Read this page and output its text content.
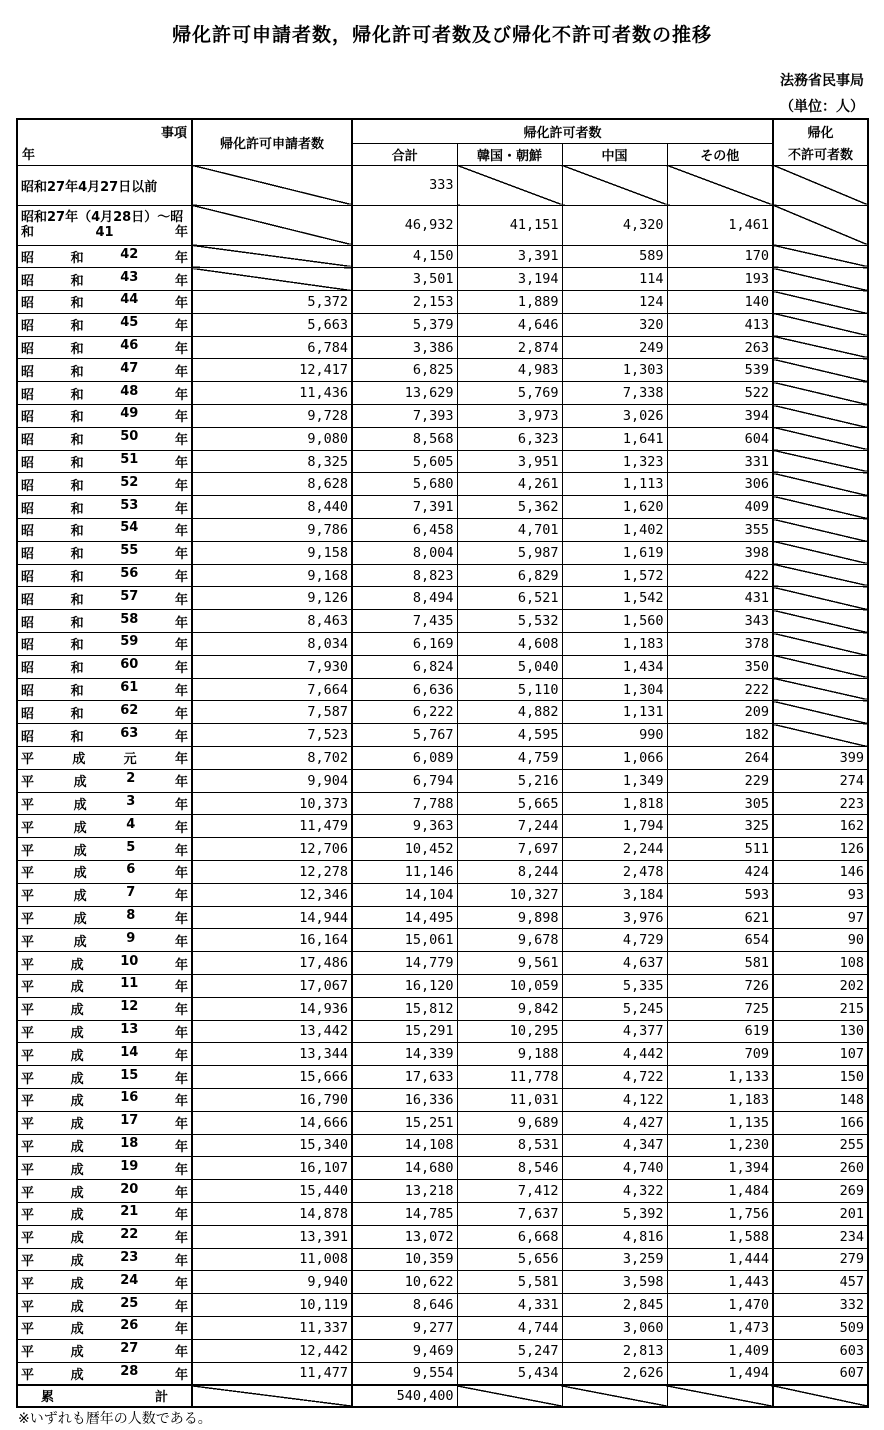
帰化許可申請者数，帰化許可者数及び帰化不許可者数の推移
法務省民事局
（単位：人）
事項
年	帰化許可申請者数	帰化許可者数				帰化
		合計	韓国・朝鮮	中国	その他	不許可者数
昭和27年4月27日以前		333				

昭和27年（4月28日）～昭
和 41 年		46,932	41,151	4,320	1,461	

昭 和 42 年		4,150	3,391	589	170	

昭 和 43 年		3,501	3,194	114	193	

昭 和 44 年	5,372	2,153	1,889	124	140	

昭 和 45 年	5,663	5,379	4,646	320	413	

昭 和 46 年	6,784	3,386	2,874	249	263	

昭 和 47 年	12,417	6,825	4,983	1,303	539	

昭 和 48 年	11,436	13,629	5,769	7,338	522	

昭 和 49 年	9,728	7,393	3,973	3,026	394	

昭 和 50 年	9,080	8,568	6,323	1,641	604	

昭 和 51 年	8,325	5,605	3,951	1,323	331	

昭 和 52 年	8,628	5,680	4,261	1,113	306	

昭 和 53 年	8,440	7,391	5,362	1,620	409	

昭 和 54 年	9,786	6,458	4,701	1,402	355	

昭 和 55 年	9,158	8,004	5,987	1,619	398	

昭 和 56 年	9,168	8,823	6,829	1,572	422	

昭 和 57 年	9,126	8,494	6,521	1,542	431	

昭 和 58 年	8,463	7,435	5,532	1,560	343	

昭 和 59 年	8,034	6,169	4,608	1,183	378	

昭 和 60 年	7,930	6,824	5,040	1,434	350	

昭 和 61 年	7,664	6,636	5,110	1,304	222	

昭 和 62 年	7,587	6,222	4,882	1,131	209	

昭 和 63 年	7,523	5,767	4,595	990	182	

平 成 元 年	8,702	6,089	4,759	1,066	264	399

平 成 2 年	9,904	6,794	5,216	1,349	229	274

平 成 3 年	10,373	7,788	5,665	1,818	305	223

平 成 4 年	11,479	9,363	7,244	1,794	325	162

平 成 5 年	12,706	10,452	7,697	2,244	511	126

平 成 6 年	12,278	11,146	8,244	2,478	424	146

平 成 7 年	12,346	14,104	10,327	3,184	593	93

平 成 8 年	14,944	14,495	9,898	3,976	621	97

平 成 9 年	16,164	15,061	9,678	4,729	654	90

平 成 10 年	17,486	14,779	9,561	4,637	581	108

平 成 11 年	17,067	16,120	10,059	5,335	726	202

平 成 12 年	14,936	15,812	9,842	5,245	725	215

平 成 13 年	13,442	15,291	10,295	4,377	619	130

平 成 14 年	13,344	14,339	9,188	4,442	709	107

平 成 15 年	15,666	17,633	11,778	4,722	1,133	150

平 成 16 年	16,790	16,336	11,031	4,122	1,183	148

平 成 17 年	14,666	15,251	9,689	4,427	1,135	166

平 成 18 年	15,340	14,108	8,531	4,347	1,230	255

平 成 19 年	16,107	14,680	8,546	4,740	1,394	260

平 成 20 年	15,440	13,218	7,412	4,322	1,484	269

平 成 21 年	14,878	14,785	7,637	5,392	1,756	201

平 成 22 年	13,391	13,072	6,668	4,816	1,588	234

平 成 23 年	11,008	10,359	5,656	3,259	1,444	279

平 成 24 年	9,940	10,622	5,581	3,598	1,443	457

平 成 25 年	10,119	8,646	4,331	2,845	1,470	332

平 成 26 年	11,337	9,277	4,744	3,060	1,473	509

平 成 27 年	12,442	9,469	5,247	2,813	1,409	603

平 成 28 年	11,477	9,554	5,434	2,626	1,494	607

累 計		540,400				
※いずれも暦年の人数である。
